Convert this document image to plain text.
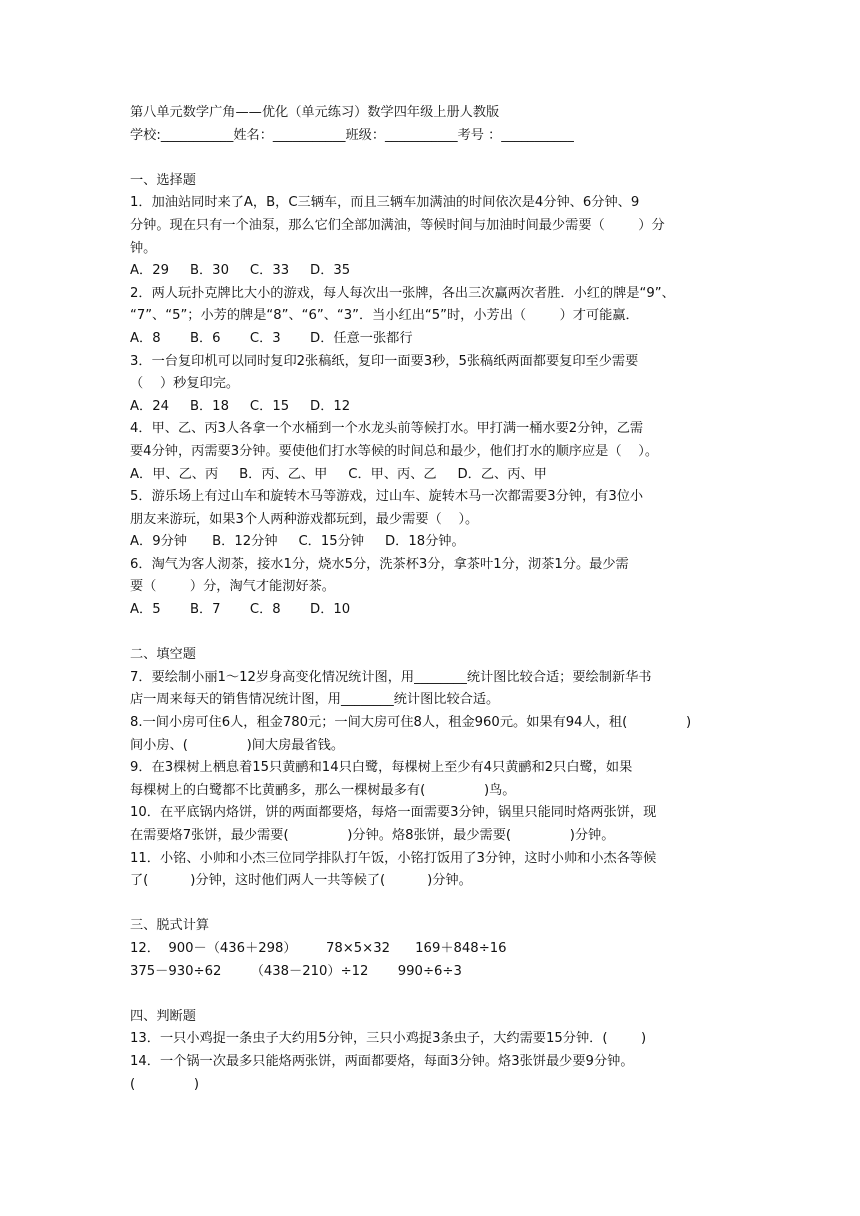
第八单元数学广角——优化（单元练习）数学四年级上册人教版
学校:___________姓名：___________班级：___________考号 ：___________
一、选择题
1．加油站同时来了A，B，C三辆车，而且三辆车加满油的时间依次是4分钟、6分钟、9
分钟。现在只有一个油泵，那么它们全部加满油，等候时间与加油时间最少需要（        ）分
钟。
A．29     B．30     C．33     D．35
2．两人玩扑克牌比大小的游戏，每人每次出一张牌，各出三次赢两次者胜．小红的牌是“9”、
“7”、“5”；小芳的牌是“8”、“6”、“3”．当小红出“5”时，小芳出（        ）才可能赢．
A．8       B．6       C．3       D．任意一张都行
3．一台复印机可以同时复印2张稿纸，复印一面要3秒，5张稿纸两面都要复印至少需要
（    ）秒复印完。
A．24     B．18     C．15     D．12
4．甲、乙、丙3人各拿一个水桶到一个水龙头前等候打水。甲打满一桶水要2分钟，乙需
要4分钟，丙需要3分钟。要使他们打水等候的时间总和最少，他们打水的顺序应是（    ）。
A．甲、乙、丙     B．丙、乙、甲     C．甲、丙、乙     D．乙、丙、甲
5．游乐场上有过山车和旋转木马等游戏，过山车、旋转木马一次都需要3分钟，有3位小
朋友来游玩，如果3个人两种游戏都玩到，最少需要（    ）。
A．9分钟      B．12分钟     C．15分钟     D．18分钟。
6．淘气为客人沏茶，接水1分，烧水5分，洗茶杯3分，拿茶叶1分，沏茶1分。最少需
要（        ）分，淘气才能沏好茶。
A．5       B．7       C．8       D．10
二、填空题
7．要绘制小丽1～12岁身高变化情况统计图，用________统计图比较合适；要绘制新华书
店一周来每天的销售情况统计图，用________统计图比较合适。
8.一间小房可住6人，租金780元；一间大房可住8人，租金960元。如果有94人，租(              )
间小房、(              )间大房最省钱。
9．在3棵树上栖息着15只黄鹂和14只白鹭，每棵树上至少有4只黄鹂和2只白鹭，如果
每棵树上的白鹭都不比黄鹂多，那么一棵树最多有(              )鸟。
10．在平底锅内烙饼，饼的两面都要烙，每烙一面需要3分钟，锅里只能同时烙两张饼，现
在需要烙7张饼，最少需要(              )分钟。烙8张饼，最少需要(              )分钟。
11．小铭、小帅和小杰三位同学排队打午饭，小铭打饭用了3分钟，这时小帅和小杰各等候
了(          )分钟，这时他们两人一共等候了(          )分钟。
三、脱式计算
12．  900－（436＋298）       78×5×32      169＋848÷16
375－930÷62       （438－210）÷12       990÷6÷3
四、判断题
13．一只小鸡捉一条虫子大约用5分钟，三只小鸡捉3条虫子，大约需要15分钟．(        )
14．一个锅一次最多只能烙两张饼，两面都要烙，每面3分钟。烙3张饼最少要9分钟。
(              )
